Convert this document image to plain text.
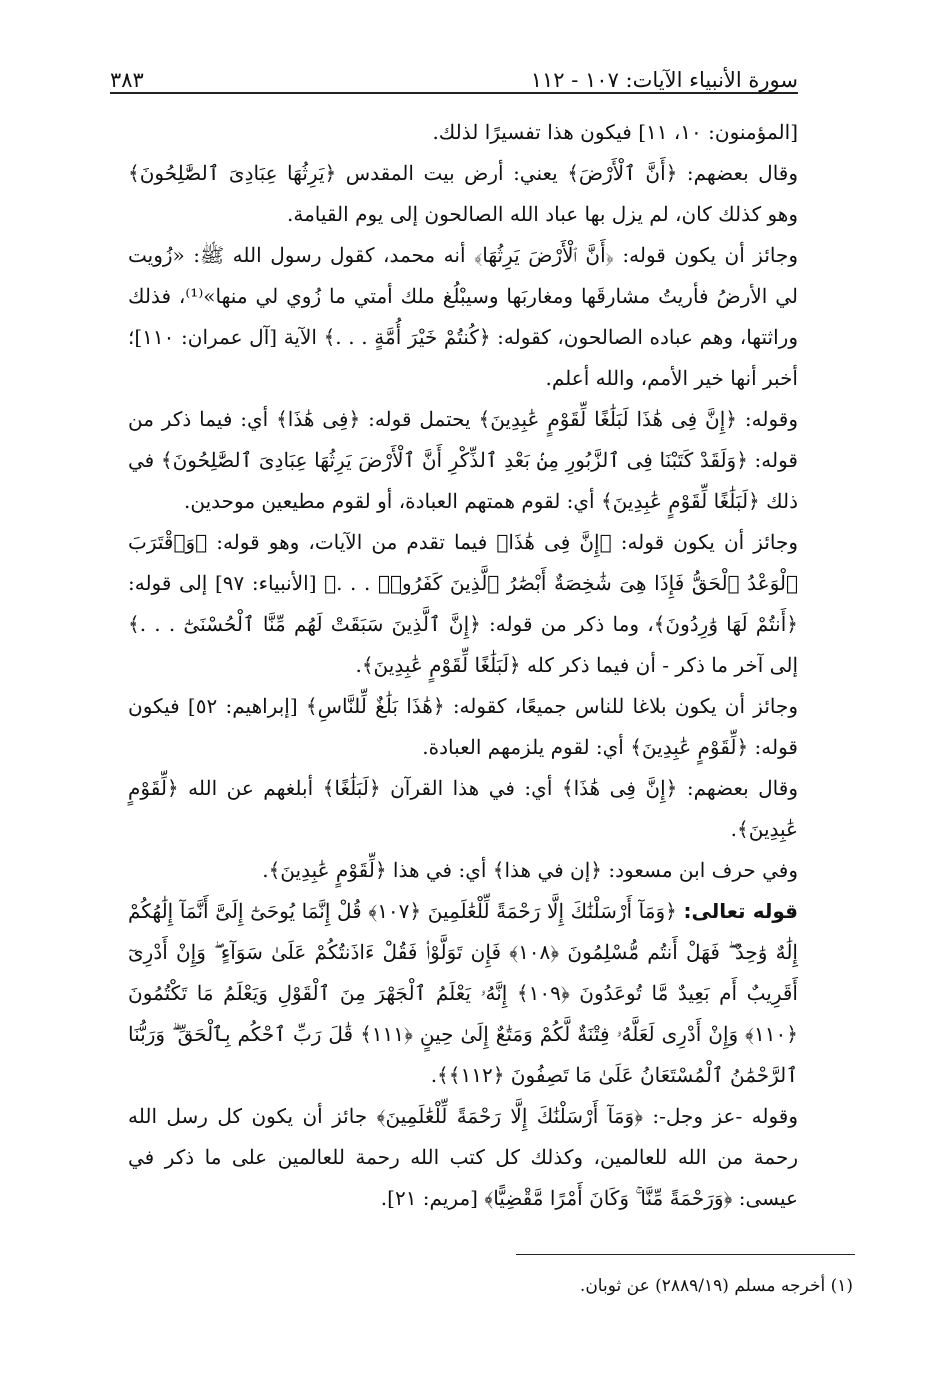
سورة الأنبياء الآيات: ١٠٧ - ١١٢
٣٨٣

[المؤمنون: ١٠، ١١] فيكون هذا تفسيرًا لذلك.

وقال بعضهم: ﴿أَنَّ ٱلْأَرْضَ﴾ يعني: أرض بيت المقدس ﴿يَرِثُهَا عِبَادِىَ ٱلصَّٰلِحُونَ﴾ وهو كذلك كان، لم يزل بها عباد الله الصالحون إلى يوم القيامة.

وجائز أن يكون قوله: ﴿أَنَّ ٱلْأَرْضَ يَرِثُهَا﴾ أنه محمد، كقول رسول الله ﷺ: «زُويت لي الأرضُ فأريتُ مشارقَها ومغاربَها وسيبْلُغ ملك أمتي ما زُوي لي منها»⁽¹⁾، فذلك وراثتها، وهم عباده الصالحون، كقوله: ﴿كُنتُمْ خَيْرَ أُمَّةٍ . . .﴾ الآية [آل عمران: ١١٠]؛ أخبر أنها خير الأمم، والله أعلم.

وقوله: ﴿إِنَّ فِى هَٰذَا لَبَلَٰغًا لِّقَوْمٍ عَٰبِدِينَ﴾ يحتمل قوله: ﴿فِى هَٰذَا﴾ أي: فيما ذكر من قوله: ﴿وَلَقَدْ كَتَبْنَا فِى ٱلزَّبُورِ مِنۢ بَعْدِ ٱلذِّكْرِ أَنَّ ٱلْأَرْضَ يَرِثُهَا عِبَادِىَ ٱلصَّٰلِحُونَ﴾ في ذلك ﴿لَبَلَٰغًا لِّقَوْمٍ عَٰبِدِينَ﴾ أي: لقوم همتهم العبادة، أو لقوم مطيعين موحدين.

وجائز أن يكون قوله: ﴿إِنَّ فِى هَٰذَا﴾ فيما تقدم من الآيات، وهو قوله: ﴿وَٱقْتَرَبَ ٱلْوَعْدُ ٱلْحَقُّ فَإِذَا هِىَ شَٰخِصَةٌ أَبْصَٰرُ ٱلَّذِينَ كَفَرُوا۟ . . .﴾ [الأنبياء: ٩٧] إلى قوله: ﴿أَنتُمْ لَهَا وَٰرِدُونَ﴾، وما ذكر من قوله: ﴿إِنَّ ٱلَّذِينَ سَبَقَتْ لَهُم مِّنَّا ٱلْحُسْنَىٰٓ . . .﴾ إلى آخر ما ذكر - أن فيما ذكر كله ﴿لَبَلَٰغًا لِّقَوْمٍ عَٰبِدِينَ﴾.

وجائز أن يكون بلاغا للناس جميعًا، كقوله: ﴿هَٰذَا بَلَٰغٌ لِّلنَّاسِ﴾ [إبراهيم: ٥٢] فيكون قوله: ﴿لِّقَوْمٍ عَٰبِدِينَ﴾ أي: لقوم يلزمهم العبادة.

وقال بعضهم: ﴿إِنَّ فِى هَٰذَا﴾ أي: في هذا القرآن ﴿لَبَلَٰغًا﴾ أبلغهم عن الله ﴿لِّقَوْمٍ عَٰبِدِينَ﴾.

وفي حرف ابن مسعود: ﴿إن في هذا﴾ أي: في هذا ﴿لِّقَوْمٍ عَٰبِدِينَ﴾.

قوله تعالى: ﴿وَمَآ أَرْسَلْنَٰكَ إِلَّا رَحْمَةً لِّلْعَٰلَمِينَ ﴿١٠٧﴾ قُلْ إِنَّمَا يُوحَىٰٓ إِلَىَّ أَنَّمَآ إِلَٰهُكُمْ إِلَٰهٌ وَٰحِدٌ ۖ فَهَلْ أَنتُم مُّسْلِمُونَ ﴿١٠٨﴾ فَإِن تَوَلَّوْا۟ فَقُلْ ءَاذَنتُكُمْ عَلَىٰ سَوَآءٍ ۖ وَإِنْ أَدْرِىٓ أَقَرِيبٌ أَم بَعِيدٌ مَّا تُوعَدُونَ ﴿١٠٩﴾ إِنَّهُۥ يَعْلَمُ ٱلْجَهْرَ مِنَ ٱلْقَوْلِ وَيَعْلَمُ مَا تَكْتُمُونَ ﴿١١٠﴾ وَإِنْ أَدْرِى لَعَلَّهُۥ فِتْنَةٌ لَّكُمْ وَمَتَٰعٌ إِلَىٰ حِينٍ ﴿١١١﴾ قَٰلَ رَبِّ ٱحْكُم بِٱلْحَقِّ ۗ وَرَبُّنَا ٱلرَّحْمَٰنُ ٱلْمُسْتَعَانُ عَلَىٰ مَا تَصِفُونَ ﴿١١٢﴾﴾.

وقوله -عز وجل-: ﴿وَمَآ أَرْسَلْنَٰكَ إِلَّا رَحْمَةً لِّلْعَٰلَمِينَ﴾ جائز أن يكون كل رسل الله رحمة من الله للعالمين، وكذلك كل كتب الله رحمة للعالمين على ما ذكر في عيسى: ﴿وَرَحْمَةً مِّنَّا ۚ وَكَانَ أَمْرًا مَّقْضِيًّا﴾ [مريم: ٢١].

(١) أخرجه مسلم (٢٨٨٩/١٩) عن ثوبان.
